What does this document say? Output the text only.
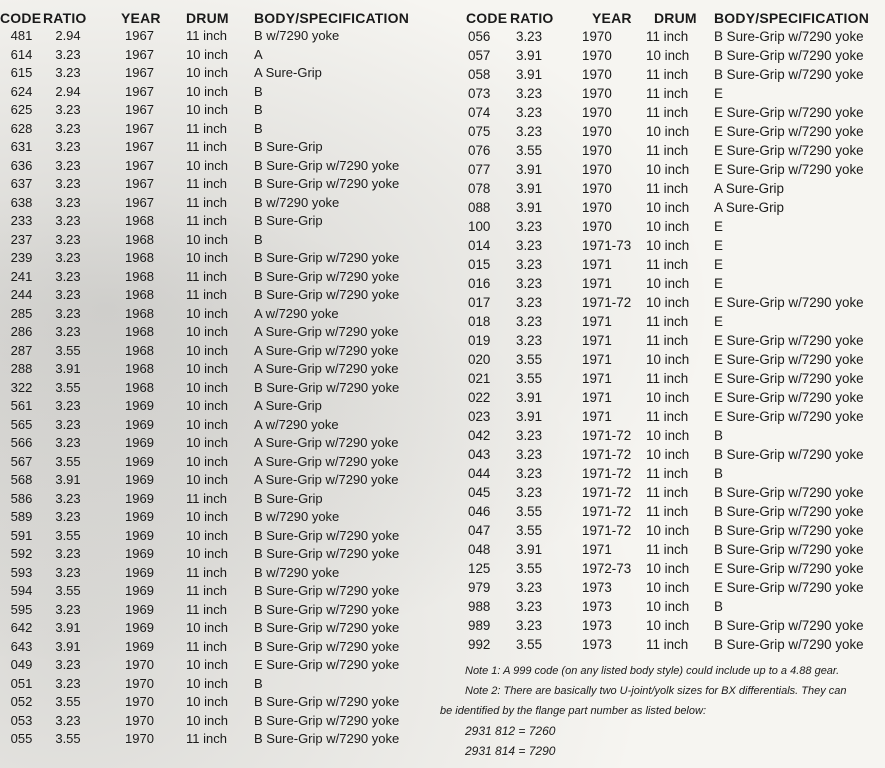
CODE	RATIO	YEAR	DRUM	BODY/SPECIFICATION
481	2.94	1967	11 inch	B w/7290 yoke
614	3.23	1967	10 inch	A
615	3.23	1967	10 inch	A Sure-Grip
624	2.94	1967	10 inch	B
625	3.23	1967	10 inch	B
628	3.23	1967	11 inch	B
631	3.23	1967	11 inch	B Sure-Grip
636	3.23	1967	10 inch	B Sure-Grip w/7290 yoke
637	3.23	1967	11 inch	B Sure-Grip w/7290 yoke
638	3.23	1967	11 inch	B w/7290 yoke
233	3.23	1968	11 inch	B Sure-Grip
237	3.23	1968	10 inch	B
239	3.23	1968	10 inch	B Sure-Grip w/7290 yoke
241	3.23	1968	11 inch	B Sure-Grip w/7290 yoke
244	3.23	1968	11 inch	B Sure-Grip w/7290 yoke
285	3.23	1968	10 inch	A w/7290 yoke
286	3.23	1968	10 inch	A Sure-Grip w/7290 yoke
287	3.55	1968	10 inch	A Sure-Grip w/7290 yoke
288	3.91	1968	10 inch	A Sure-Grip w/7290 yoke
322	3.55	1968	10 inch	B Sure-Grip w/7290 yoke
561	3.23	1969	10 inch	A Sure-Grip
565	3.23	1969	10 inch	A w/7290 yoke
566	3.23	1969	10 inch	A Sure-Grip w/7290 yoke
567	3.55	1969	10 inch	A Sure-Grip w/7290 yoke
568	3.91	1969	10 inch	A Sure-Grip w/7290 yoke
586	3.23	1969	11 inch	B Sure-Grip
589	3.23	1969	10 inch	B w/7290 yoke
591	3.55	1969	10 inch	B Sure-Grip w/7290 yoke
592	3.23	1969	10 inch	B Sure-Grip w/7290 yoke
593	3.23	1969	11 inch	B w/7290 yoke
594	3.55	1969	11 inch	B Sure-Grip w/7290 yoke
595	3.23	1969	11 inch	B Sure-Grip w/7290 yoke
642	3.91	1969	10 inch	B Sure-Grip w/7290 yoke
643	3.91	1969	11 inch	B Sure-Grip w/7290 yoke
049	3.23	1970	10 inch	E Sure-Grip w/7290 yoke
051	3.23	1970	10 inch	B
052	3.55	1970	10 inch	B Sure-Grip w/7290 yoke
053	3.23	1970	10 inch	B Sure-Grip w/7290 yoke
055	3.55	1970	11 inch	B Sure-Grip w/7290 yoke
CODE	RATIO	YEAR	DRUM	BODY/SPECIFICATION
056	3.23	1970	11 inch	B Sure-Grip w/7290 yoke
057	3.91	1970	10 inch	B Sure-Grip w/7290 yoke
058	3.91	1970	11 inch	B Sure-Grip w/7290 yoke
073	3.23	1970	11 inch	E
074	3.23	1970	11 inch	E Sure-Grip w/7290 yoke
075	3.23	1970	10 inch	E Sure-Grip w/7290 yoke
076	3.55	1970	11 inch	E Sure-Grip w/7290 yoke
077	3.91	1970	10 inch	E Sure-Grip w/7290 yoke
078	3.91	1970	11 inch	A Sure-Grip
088	3.91	1970	10 inch	A Sure-Grip
100	3.23	1970	10 inch	E
014	3.23	1971-73	10 inch	E
015	3.23	1971	11 inch	E
016	3.23	1971	10 inch	E
017	3.23	1971-72	10 inch	E Sure-Grip w/7290 yoke
018	3.23	1971	11 inch	E
019	3.23	1971	11 inch	E Sure-Grip w/7290 yoke
020	3.55	1971	10 inch	E Sure-Grip w/7290 yoke
021	3.55	1971	11 inch	E Sure-Grip w/7290 yoke
022	3.91	1971	10 inch	E Sure-Grip w/7290 yoke
023	3.91	1971	11 inch	E Sure-Grip w/7290 yoke
042	3.23	1971-72	10 inch	B
043	3.23	1971-72	10 inch	B Sure-Grip w/7290 yoke
044	3.23	1971-72	11 inch	B
045	3.23	1971-72	11 inch	B Sure-Grip w/7290 yoke
046	3.55	1971-72	11 inch	B Sure-Grip w/7290 yoke
047	3.55	1971-72	10 inch	B Sure-Grip w/7290 yoke
048	3.91	1971	11 inch	B Sure-Grip w/7290 yoke
125	3.55	1972-73	10 inch	E Sure-Grip w/7290 yoke
979	3.23	1973	10 inch	E Sure-Grip w/7290 yoke
988	3.23	1973	10 inch	B
989	3.23	1973	10 inch	B Sure-Grip w/7290 yoke
992	3.55	1973	11 inch	B Sure-Grip w/7290 yoke
Note 1: A 999 code (on any listed body style) could include up to a 4.88 gear.
Note 2: There are basically two U-joint/yolk sizes for BX differentials. They can
be identified by the flange part number as listed below:
2931 812 = 7260
2931 814 = 7290
